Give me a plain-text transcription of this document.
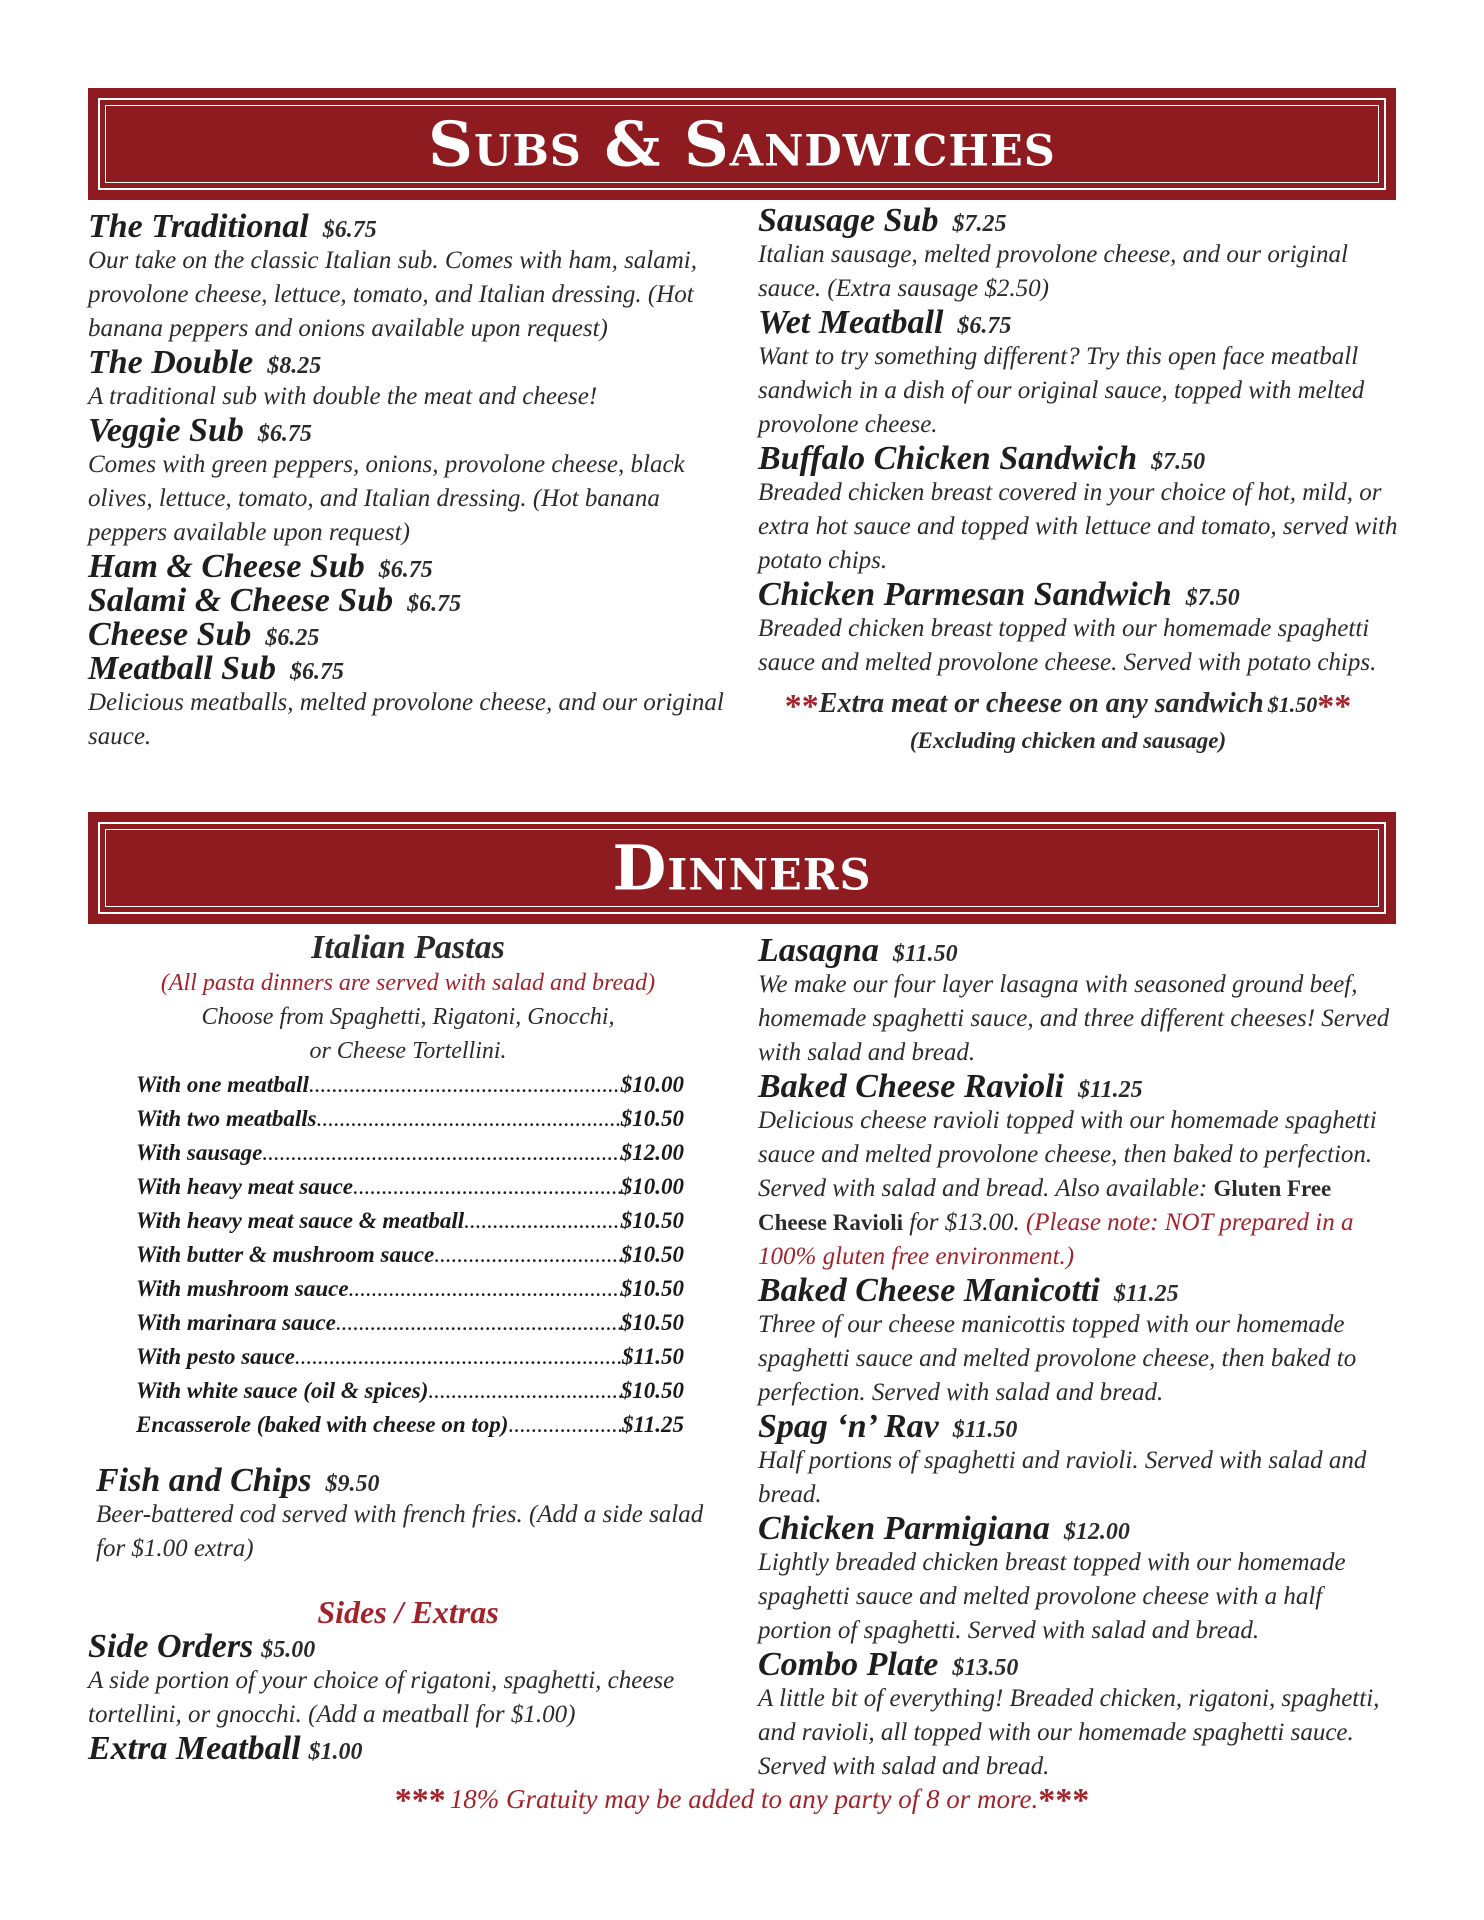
Subs & Sandwiches
The Traditional $6.75
Our take on the classic Italian sub. Comes with ham, salami, provolone cheese, lettuce, tomato, and Italian dressing. (Hot banana peppers and onions available upon request)
The Double $8.25
A traditional sub with double the meat and cheese!
Veggie Sub $6.75
Comes with green peppers, onions, provolone cheese, black olives, lettuce, tomato, and Italian dressing. (Hot banana peppers available upon request)
Ham & Cheese Sub $6.75
Salami & Cheese Sub $6.75
Cheese Sub $6.25
Meatball Sub $6.75
Delicious meatballs, melted provolone cheese, and our original sauce.
Sausage Sub $7.25
Italian sausage, melted provolone cheese, and our original sauce. (Extra sausage $2.50)
Wet Meatball $6.75
Want to try something different? Try this open face meatball sandwich in a dish of our original sauce, topped with melted provolone cheese.
Buffalo Chicken Sandwich $7.50
Breaded chicken breast covered in your choice of hot, mild, or extra hot sauce and topped with lettuce and tomato, served with potato chips.
Chicken Parmesan Sandwich $7.50
Breaded chicken breast topped with our homemade spaghetti sauce and melted provolone cheese. Served with potato chips.
**Extra meat or cheese on any sandwich $1.50**
(Excluding chicken and sausage)
Dinners
Italian Pastas
(All pasta dinners are served with salad and bread)
Choose from Spaghetti, Rigatoni, Gnocchi, or Cheese Tortellini.
With one meatball .....	$10.00
With two meatballs .....	$10.50
With sausage .....	$12.00
With heavy meat sauce .....	$10.00
With heavy meat sauce & meatball .....	$10.50
With butter & mushroom sauce .....	$10.50
With mushroom sauce .....	$10.50
With marinara sauce .....	$10.50
With pesto sauce .....	$11.50
With white sauce (oil & spices) .....	$10.50
Encasserole (baked with cheese on top) .....	$11.25
Fish and Chips $9.50
Beer-battered cod served with french fries. (Add a side salad for $1.00 extra)
Sides / Extras
Side Orders $5.00
A side portion of your choice of rigatoni, spaghetti, cheese tortellini, or gnocchi. (Add a meatball for $1.00)
Extra Meatball $1.00
Lasagna $11.50
We make our four layer lasagna with seasoned ground beef, homemade spaghetti sauce, and three different cheeses! Served with salad and bread.
Baked Cheese Ravioli $11.25
Delicious cheese ravioli topped with our homemade spaghetti sauce and melted provolone cheese, then baked to perfection. Served with salad and bread. Also available: Gluten Free Cheese Ravioli for $13.00. (Please note: NOT prepared in a 100% gluten free environment.)
Baked Cheese Manicotti $11.25
Three of our cheese manicottis topped with our homemade spaghetti sauce and melted provolone cheese, then baked to perfection. Served with salad and bread.
Spag ‘n’ Rav $11.50
Half portions of spaghetti and ravioli. Served with salad and bread.
Chicken Parmigiana $12.00
Lightly breaded chicken breast topped with our homemade spaghetti sauce and melted provolone cheese with a half portion of spaghetti. Served with salad and bread.
Combo Plate $13.50
A little bit of everything! Breaded chicken, rigatoni, spaghetti, and ravioli, all topped with our homemade spaghetti sauce. Served with salad and bread.
*** 18% Gratuity may be added to any party of 8 or more.***
